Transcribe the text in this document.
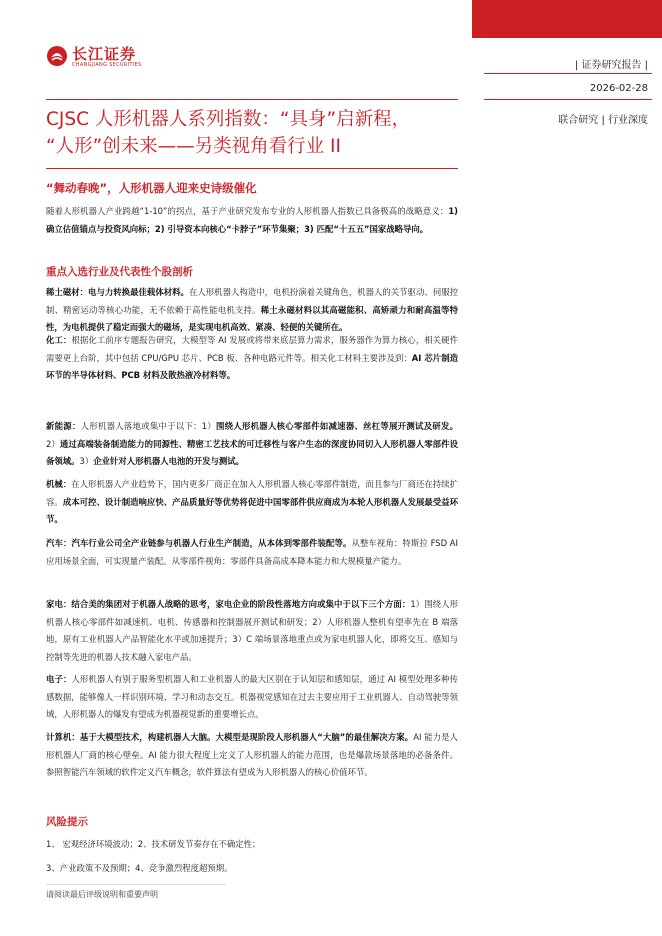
| 证券研究报告 |
2026-02-28
联合研究 | 行业深度
长江证券
CHANGJIANG SECURITIES
CJSC 人形机器人系列指数：“具身”启新程，
“人形”创未来——另类视角看行业 II
“舞动春晚”，人形机器人迎来史诗级催化
随着人形机器人产业跨越“1-10”的拐点，基于产业研究发布专业的人形机器人指数已具备极高的战略意义：1) 确立估值锚点与投资风向标；2) 引导资本向核心“卡脖子”环节集聚；3) 匹配“十五五”国家战略导向。
重点入选行业及代表性个股剖析
稀土磁材：电与力转换最佳载体材料。在人形机器人构造中，电机扮演着关键角色，机器人的关节驱动、伺服控制、精密运动等核心功能，无不依赖于高性能电机支持。稀土永磁材料以其高磁能积、高矫顽力和耐高温等特性，为电机提供了稳定而强大的磁场，是实现电机高效、紧凑、轻便的关键所在。
化工：根据化工前序专题报告研究，大模型等 AI 发展或将带来底层算力需求，服务器作为算力核心，相关硬件需要更上台阶，其中包括 CPU/GPU 芯片、PCB 板、各种电路元件等。相关化工材料主要涉及到：AI 芯片制造环节的半导体材料、PCB 材料及散热液冷材料等。
新能源：人形机器人落地或集中于以下：1）围绕人形机器人核心零部件如减速器、丝杠等展开测试及研发。2）通过高端装备制造能力的同源性、精密工艺技术的可迁移性与客户生态的深度协同切入人形机器人零部件设备领域。3）企业针对人形机器人电池的开发与测试。
机械：在人形机器人产业趋势下，国内更多厂商正在加入人形机器人核心零部件制造，而且参与厂商还在持续扩容。成本可控、设计制造响应快、产品质量好等优势将促进中国零部件供应商成为本轮人形机器人发展最受益环节。
汽车：汽车行业公司全产业链参与机器人行业生产制造，从本体到零部件装配等。从整车视角：特斯拉 FSD AI 应用场景全面，可实现量产装配。从零部件视角：零部件具备高成本降本能力和大规模量产能力。
家电：结合美的集团对于机器人战略的思考，家电企业的阶段性落地方向或集中于以下三个方面：1）围绕人形机器人核心零部件如减速机、电机、传感器和控制器展开测试和研发；2）人形机器人整机有望率先在 B 端落地，原有工业机器人产品智能化水平或加速提升；3）C 端场景落地重点或为家电机器人化，即将交互、感知与控制等先进的机器人技术融入家电产品。
电子：人形机器人有别于服务型机器人和工业机器人的最大区别在于认知层和感知层，通过 AI 模型处理多种传感数据，能够像人一样识别环境、学习和动态交互。机器视觉感知在过去主要应用于工业机器人、自动驾驶等领域，人形机器人的爆发有望成为机器视觉新的重要增长点。
计算机：基于大模型技术，构建机器人大脑。大模型是现阶段人形机器人“大脑”的最佳解决方案。AI 能力是人形机器人厂商的核心壁垒。AI 能力很大程度上定义了人形机器人的能力范围，也是爆款场景落地的必备条件。参照智能汽车领域的软件定义汽车概念，软件算法有望成为人形机器人的核心价值环节。
风险提示
1、 宏观经济环境波动；2、技术研发节奏存在不确定性；
3、产业政策不及预期；4、竞争激烈程度超预期。
请阅读最后评级说明和重要声明
